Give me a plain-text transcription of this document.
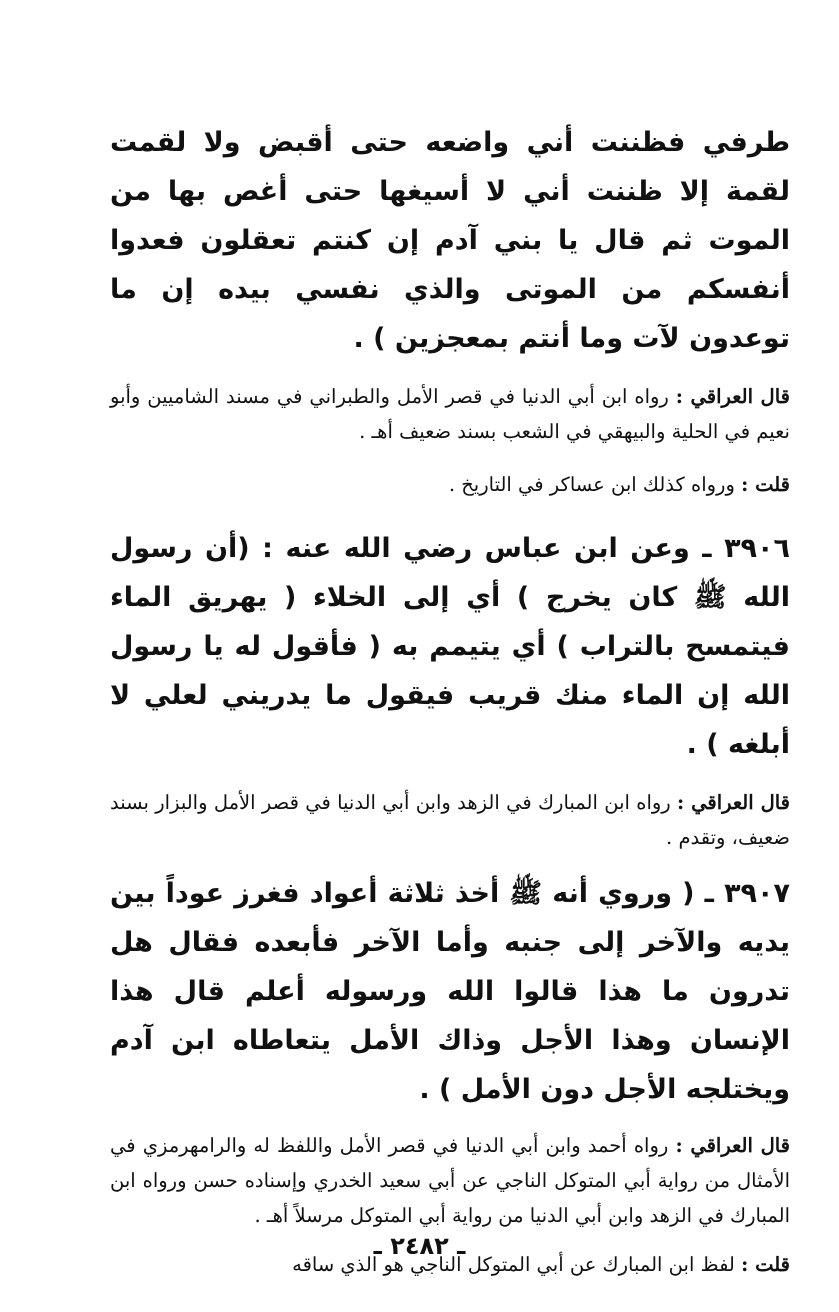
طرفي فظننت أني واضعه حتى أقبض ولا لقمت لقمة إلا ظننت أني لا أسيغها حتى أغص بها من الموت ثم قال يا بني آدم إن كنتم تعقلون فعدوا أنفسكم من الموتى والذي نفسي بيده إن ما توعدون لآت وما أنتم بمعجزين ) .

قال العراقي : رواه ابن أبي الدنيا في قصر الأمل والطبراني في مسند الشاميين وأبو نعيم في الحلية والبيهقي في الشعب بسند ضعيف أهـ .

قلت : ورواه كذلك ابن عساكر في التاريخ .

٣٩٠٦ ـ وعن ابن عباس رضي الله عنه : (أن رسول الله ﷺ كان يخرج ) أي إلى الخلاء ( يهريق الماء فيتمسح بالتراب ) أي يتيمم به ( فأقول له يا رسول الله إن الماء منك قريب فيقول ما يدريني لعلي لا أبلغه ) .

قال العراقي : رواه ابن المبارك في الزهد وابن أبي الدنيا في قصر الأمل والبزار بسند ضعيف، وتقدم .

٣٩٠٧ ـ ( وروي أنه ﷺ أخذ ثلاثة أعواد فغرز عوداً بين يديه والآخر إلى جنبه وأما الآخر فأبعده فقال هل تدرون ما هذا قالوا الله ورسوله أعلم قال هذا الإنسان وهذا الأجل وذاك الأمل يتعاطاه ابن آدم ويختلجه الأجل دون الأمل ) .

قال العراقي : رواه أحمد وابن أبي الدنيا في قصر الأمل واللفظ له والرامهرمزي في الأمثال من رواية أبي المتوكل الناجي عن أبي سعيد الخدري وإسناده حسن ورواه ابن المبارك في الزهد وابن أبي الدنيا من رواية أبي المتوكل مرسلاً أهـ .

قلت : لفظ ابن المبارك عن أبي المتوكل الناجي هو الذي ساقه

ـ ٢٤٨٢ ـ
